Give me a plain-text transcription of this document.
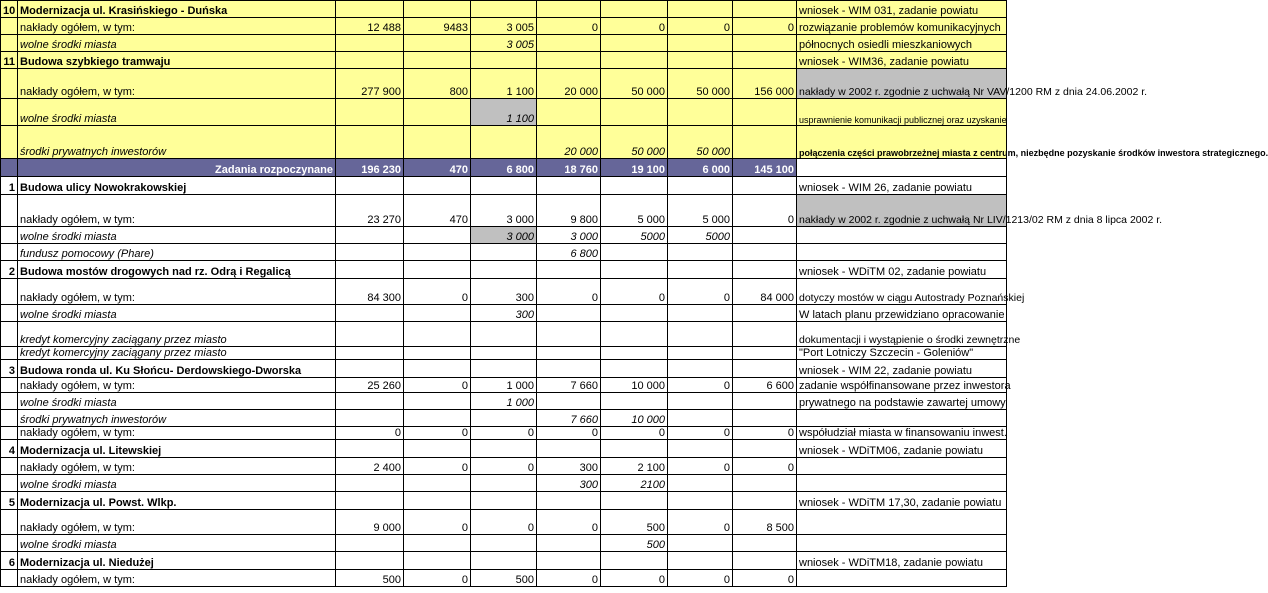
10	Modernizacja ul. Krasińskiego - Duńska								wniosek - WIM 031, zadanie powiatu
	nakłady ogółem, w tym:	12 488	9483	3 005	0	0	0	0	rozwiązanie problemów komunikacyjnych
	wolne środki miasta			3 005					północnych osiedli mieszkaniowych
11	Budowa szybkiego tramwaju								wniosek - WIM36, zadanie powiatu
	nakłady ogółem, w tym:	277 900	800	1 100	20 000	50 000	50 000	156 000	nakłady w 2002 r. zgodnie z uchwałą Nr VAV/1200 RM z dnia 24.06.2002 r.
	wolne środki miasta			1 100					usprawnienie komunikacji publicznej oraz uzyskanie
	środki prywatnych inwestorów				20 000	50 000	50 000		połączenia części prawobrzeżnej miasta z centrum, niezbędne pozyskanie środków inwestora strategicznego.
	Zadania rozpoczynane	196 230	470	6 800	18 760	19 100	6 000	145 100	
1	Budowa ulicy Nowokrakowskiej								wniosek - WIM 26, zadanie powiatu
	nakłady ogółem, w tym:	23 270	470	3 000	9 800	5 000	5 000	0	nakłady w 2002 r. zgodnie z uchwałą Nr LIV/1213/02 RM z dnia 8 lipca 2002 r.
	wolne środki miasta			3 000	3 000	5000	5000		
	fundusz pomocowy (Phare)				6 800				
2	Budowa mostów drogowych nad rz. Odrą i Regalicą								wniosek - WDiTM 02, zadanie powiatu
	nakłady ogółem, w tym:	84 300	0	300	0	0	0	84 000	dotyczy mostów w ciągu Autostrady Poznańskiej
	wolne środki miasta			300					W latach planu przewidziano opracowanie
	kredyt komercyjny zaciągany przez miasto								dokumentacji i wystąpienie o środki zewnętrzne
	kredyt komercyjny zaciągany przez miasto								"Port Lotniczy Szczecin - Goleniów"
3	Budowa ronda ul. Ku Słońcu- Derdowskiego-Dworska								wniosek - WIM 22, zadanie powiatu
	nakłady ogółem, w tym:	25 260	0	1 000	7 660	10 000	0	6 600	zadanie współfinansowane przez inwestora
	wolne środki miasta			1 000					prywatnego na podstawie zawartej umowy
	środki prywatnych inwestorów				7 660	10 000			
	nakłady ogółem, w tym:	0	0	0	0	0	0	0	współudział miasta w finansowaniu inwest.
4	Modernizacja ul. Litewskiej								wniosek - WDiTM06, zadanie powiatu
	nakłady ogółem, w tym:	2 400	0	0	300	2 100	0	0	
	wolne środki miasta				300	2100			
5	Modernizacja ul. Powst. Wlkp.								wniosek - WDiTM 17,30, zadanie powiatu
	nakłady ogółem, w tym:	9 000	0	0	0	500	0	8 500	
	wolne środki miasta					500			
6	Modernizacja ul. Niedużej								wniosek - WDiTM18, zadanie powiatu
	nakłady ogółem, w tym:	500	0	500	0	0	0	0	
